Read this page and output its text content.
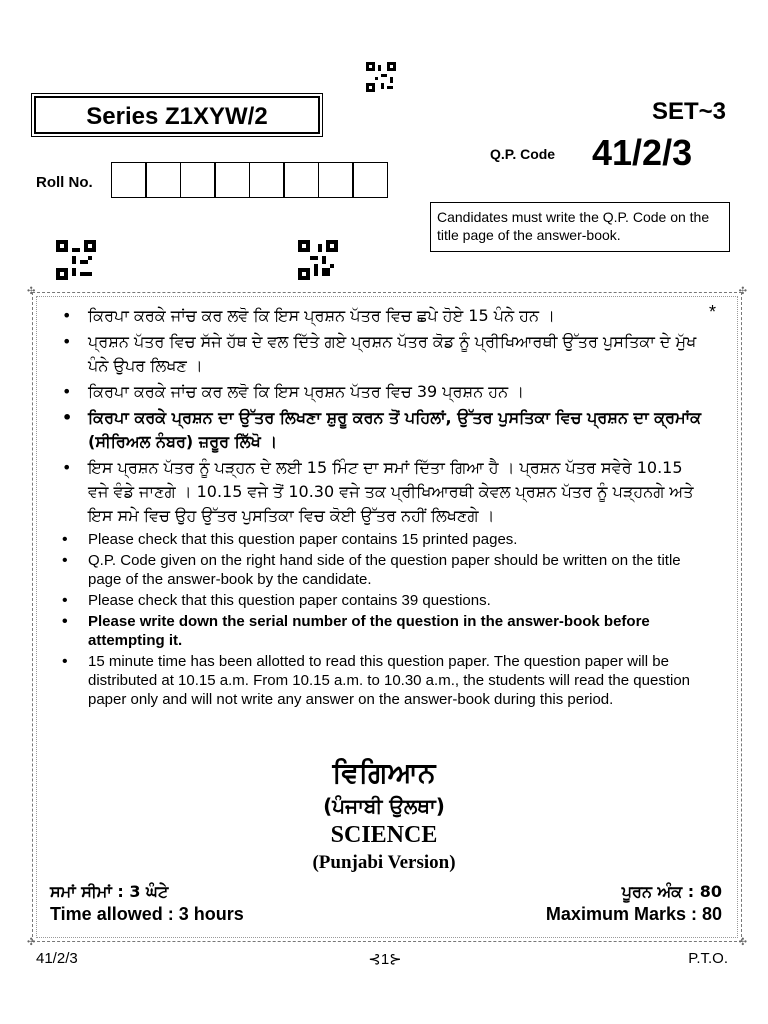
Series Z1XYW/2	SET~3
Q.P. Code 41/2/3
Roll No.
Candidates must write the Q.P. Code on the title page of the answer-book.
✣	✣
✣	✣
*
• ਕਿਰਪਾ ਕਰਕੇ ਜਾਂਚ ਕਰ ਲਵੋ ਕਿ ਇਸ ਪ੍ਰਸ਼ਨ ਪੱਤਰ ਵਿਚ ਛਪੇ ਹੋਏ 15 ਪੰਨੇ ਹਨ ।
• ਪ੍ਰਸ਼ਨ ਪੱਤਰ ਵਿਚ ਸੱਜੇ ਹੱਥ ਦੇ ਵਲ ਦਿੱਤੇ ਗਏ ਪ੍ਰਸ਼ਨ ਪੱਤਰ ਕੋਡ ਨੂੰ ਪ੍ਰੀਖਿਆਰਥੀ ਉੱਤਰ ਪੁਸਤਿਕਾ ਦੇ ਮੁੱਖ ਪੰਨੇ ਉਪਰ ਲਿਖਣ ।
• ਕਿਰਪਾ ਕਰਕੇ ਜਾਂਚ ਕਰ ਲਵੋ ਕਿ ਇਸ ਪ੍ਰਸ਼ਨ ਪੱਤਰ ਵਿਚ 39 ਪ੍ਰਸ਼ਨ ਹਨ ।
• ਕਿਰਪਾ ਕਰਕੇ ਪ੍ਰਸ਼ਨ ਦਾ ਉੱਤਰ ਲਿਖਣਾ ਸ਼ੁਰੂ ਕਰਨ ਤੋਂ ਪਹਿਲਾਂ, ਉੱਤਰ ਪੁਸਤਿਕਾ ਵਿਚ ਪ੍ਰਸ਼ਨ ਦਾ ਕ੍ਰਮਾਂਕ (ਸੀਰਿਅਲ ਨੰਬਰ) ਜ਼ਰੂਰ ਲਿੱਖੋ ।
• ਇਸ ਪ੍ਰਸ਼ਨ ਪੱਤਰ ਨੂੰ ਪੜ੍ਹਨ ਦੇ ਲਈ 15 ਮਿੰਟ ਦਾ ਸਮਾਂ ਦਿੱਤਾ ਗਿਆ ਹੈ । ਪ੍ਰਸ਼ਨ ਪੱਤਰ ਸਵੇਰੇ 10.15 ਵਜੇ ਵੰਡੇ ਜਾਣਗੇ । 10.15 ਵਜੇ ਤੋਂ 10.30 ਵਜੇ ਤਕ ਪ੍ਰੀਖਿਆਰਥੀ ਕੇਵਲ ਪ੍ਰਸ਼ਨ ਪੱਤਰ ਨੂੰ ਪੜ੍ਹਨਗੇ ਅਤੇ ਇਸ ਸਮੇ ਵਿਚ ਉਹ ਉੱਤਰ ਪੁਸਤਿਕਾ ਵਿਚ ਕੋਈ ਉੱਤਰ ਨਹੀਂ ਲਿਖਣਗੇ ।
• Please check that this question paper contains 15 printed pages.
• Q.P. Code given on the right hand side of the question paper should be written on the title page of the answer-book by the candidate.
• Please check that this question paper contains 39 questions.
• Please write down the serial number of the question in the answer-book before attempting it.
• 15 minute time has been allotted to read this question paper. The question paper will be distributed at 10.15 a.m. From 10.15 a.m. to 10.30 a.m., the students will read the question paper only and will not write any answer on the answer-book during this period.
ਵਿਗਿਆਨ
(ਪੰਜਾਬੀ ਉਲਥਾ)
SCIENCE
(Punjabi Version)
ਸਮਾਂ ਸੀਮਾਂ : 3 ਘੰਟੇ	ਪੂਰਨ ਅੰਕ : 80
Time allowed : 3 hours	Maximum Marks : 80
41/2/3	⊰1⊱	P.T.O.
